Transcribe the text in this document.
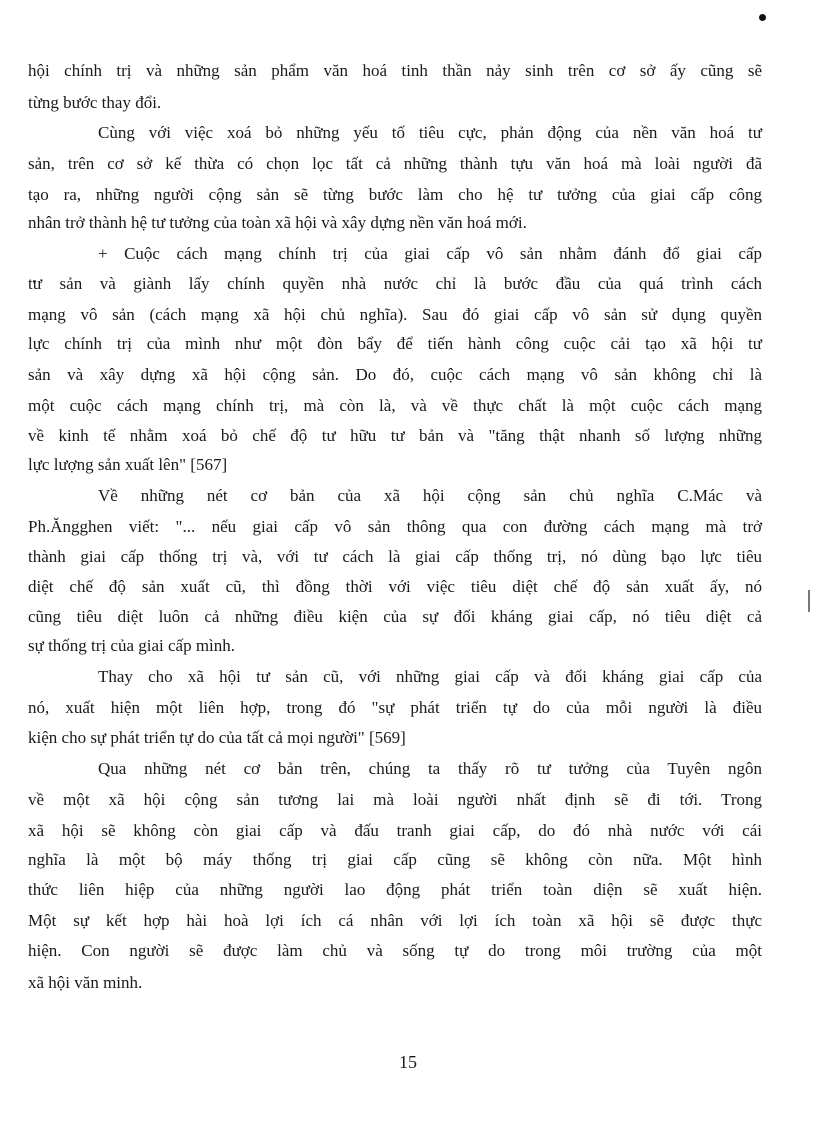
hội chính trị và những sản phẩm văn hoá tinh thần nảy sinh trên cơ sở ấy cũng sẽ
từng bước thay đổi.
Cùng với việc xoá bỏ những yếu tố tiêu cực, phản động của nền văn hoá tư
sản, trên cơ sở kế thừa có chọn lọc tất cả những thành tựu văn hoá mà loài người đã
tạo ra, những người cộng sản sẽ từng bước làm cho hệ tư tưởng của giai cấp công
nhân trở thành hệ tư tưởng của toàn xã hội và xây dựng nền văn hoá mới.
+ Cuộc cách mạng chính trị của giai cấp vô sản nhằm đánh đổ giai cấp
tư sản và giành lấy chính quyền nhà nước chỉ là bước đầu của quá trình cách
mạng vô sản (cách mạng xã hội chủ nghĩa). Sau đó giai cấp vô sản sử dụng quyền
lực chính trị của mình như một đòn bẩy để tiến hành công cuộc cải tạo xã hội tư
sản và xây dựng xã hội cộng sản. Do đó, cuộc cách mạng vô sản không chỉ là
một cuộc cách mạng chính trị, mà còn là, và về thực chất là một cuộc cách mạng
về kinh tế nhằm xoá bỏ chế độ tư hữu tư bản và "tăng thật nhanh số lượng những
lực lượng sản xuất lên" [567]
Về những nét cơ bản của xã hội cộng sản chủ nghĩa C.Mác và
Ph.Ăngghen viết: "... nếu giai cấp vô sản thông qua con đường cách mạng mà trở
thành giai cấp thống trị và, với tư cách là giai cấp thống trị, nó dùng bạo lực tiêu
diệt chế độ sản xuất cũ, thì đồng thời với việc tiêu diệt chế độ sản xuất ấy, nó
cũng tiêu diệt luôn cả những điều kiện của sự đối kháng giai cấp, nó tiêu diệt cả
sự thống trị của giai cấp mình.
Thay cho xã hội tư sản cũ, với những giai cấp và đối kháng giai cấp của
nó, xuất hiện một liên hợp, trong đó "sự phát triển tự do của mỗi người là điều
kiện cho sự phát triển tự do của tất cả mọi người" [569]
Qua những nét cơ bản trên, chúng ta thấy rõ tư tưởng của Tuyên ngôn
về một xã hội cộng sản tương lai mà loài người nhất định sẽ đi tới. Trong
xã hội sẽ không còn giai cấp và đấu tranh giai cấp, do đó nhà nước với cái
nghĩa là một bộ máy thống trị giai cấp cũng sẽ không còn nữa. Một hình
thức liên hiệp của những người lao động phát triển toàn diện sẽ xuất hiện.
Một sự kết hợp hài hoà lợi ích cá nhân với lợi ích toàn xã hội sẽ được thực
hiện. Con người sẽ được làm chủ và sống tự do trong môi trường của một
xã hội văn minh.
15
